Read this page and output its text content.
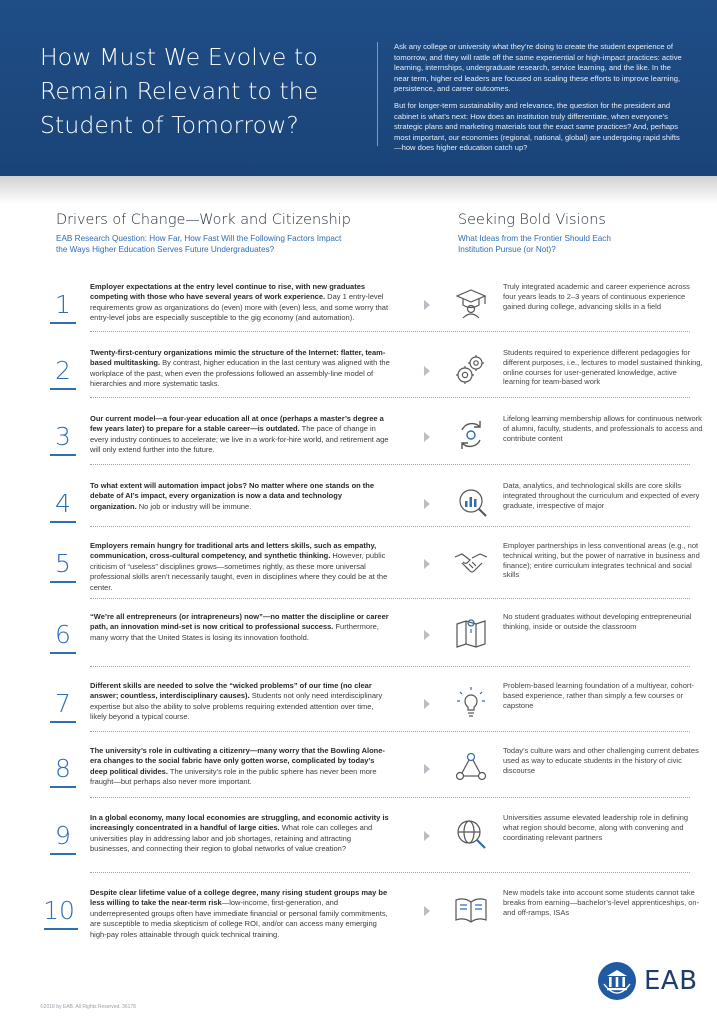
How Must We Evolve to Remain Relevant to the Student of Tomorrow?

Ask any college or university what they’re doing to create the student experience of tomorrow, and they will rattle off the same experiential or high-impact practices: active learning, internships, undergraduate research, service learning, and the like. In the near term, higher ed leaders are focused on scaling these efforts to improve learning, persistence, and career outcomes.

But for longer-term sustainability and relevance, the question for the president and cabinet is what’s next: How does an institution truly differentiate, when everyone’s strategic plans and marketing materials tout the exact same practices? And, perhaps most important, our economies (regional, national, global) are undergoing rapid shifts—how does higher education catch up?

Drivers of Change—Work and Citizenship
EAB Research Question: How Far, How Fast Will the Following Factors Impact the Ways Higher Education Serves Future Undergraduates?
Seeking Bold Visions
What Ideas from the Frontier Should Each Institution Pursue (or Not)?
1
Employer expectations at the entry level continue to rise, with new graduates competing with those who have several years of work experience. Day 1 entry-level requirements grow as organizations do (even) more with (even) less, and some worry that entry-level jobs are especially susceptible to the gig economy (and automation).
Truly integrated academic and career experience across four years leads to 2–3 years of continuous experience gained during college, advancing skills in a field
2
Twenty-first-century organizations mimic the structure of the Internet: flatter, team-based multitasking. By contrast, higher education in the last century was aligned with the workplace of the past, when even the professions followed an assembly-line model of hierarchies and more systematic tasks.
Students required to experience different pedagogies for different purposes, i.e., lectures to model sustained thinking, online courses for user-generated knowledge, active learning for team-based work
3
Our current model—a four-year education all at once (perhaps a master’s degree a few years later) to prepare for a stable career—is outdated. The pace of change in every industry continues to accelerate; we live in a work-for-hire world, and retirement age will only extend further into the future.
Lifelong learning membership allows for continuous network of alumni, faculty, students, and professionals to access and contribute content
4
To what extent will automation impact jobs? No matter where one stands on the debate of AI’s impact, every organization is now a data and technology organization. No job or industry will be immune.
Data, analytics, and technological skills are core skills integrated throughout the curriculum and expected of every graduate, irrespective of major
5
Employers remain hungry for traditional arts and letters skills, such as empathy, communication, cross-cultural competency, and synthetic thinking. However, public criticism of “useless” disciplines grows—sometimes rightly, as these more universal professional skills aren’t necessarily taught, even in disciplines where they could be at the center.
Employer partnerships in less conventional areas (e.g., not technical writing, but the power of narrative in business and finance); entire curriculum integrates technical and social skills
6
“We’re all entrepreneurs (or intrapreneurs) now”—no matter the discipline or career path, an innovation mind-set is now critical to professional success. Furthermore, many worry that the United States is losing its innovation foothold.
No student graduates without developing entrepreneurial thinking, inside or outside the classroom
7
Different skills are needed to solve the “wicked problems” of our time (no clear answer; countless, interdisciplinary causes). Students not only need interdisciplinary expertise but also the ability to solve problems requiring extended attention over time, likely beyond a typical course.
Problem-based learning foundation of a multiyear, cohort-based experience, rather than simply a few courses or capstone
8
The university’s role in cultivating a citizenry—many worry that the Bowling Alone-era changes to the social fabric have only gotten worse, complicated by today’s deep political divides. The university’s role in the public sphere has never been more fraught—but perhaps also never more important.
Today’s culture wars and other challenging current debates used as way to educate students in the history of civic discourse
9
In a global economy, many local economies are struggling, and economic activity is increasingly concentrated in a handful of large cities. What role can colleges and universities play in addressing labor and job shortages, retaining and attracting businesses, and connecting their region to global networks of value creation?
Universities assume elevated leadership role in defining what region should become, along with convening and coordinating relevant partners
10
Despite clear lifetime value of a college degree, many rising student groups may be less willing to take the near-term risk—low-income, first-generation, and underrepresented groups often have immediate financial or personal family commitments, are susceptible to media skepticism of college ROI, and/or can access many emerging high-pay roles attainable through quick technical training.
New models take into account some students cannot take breaks from earning—bachelor’s-level apprenticeships, on- and off-ramps, ISAs
©2018 by EAB. All Rights Reserved. 36178
EAB
